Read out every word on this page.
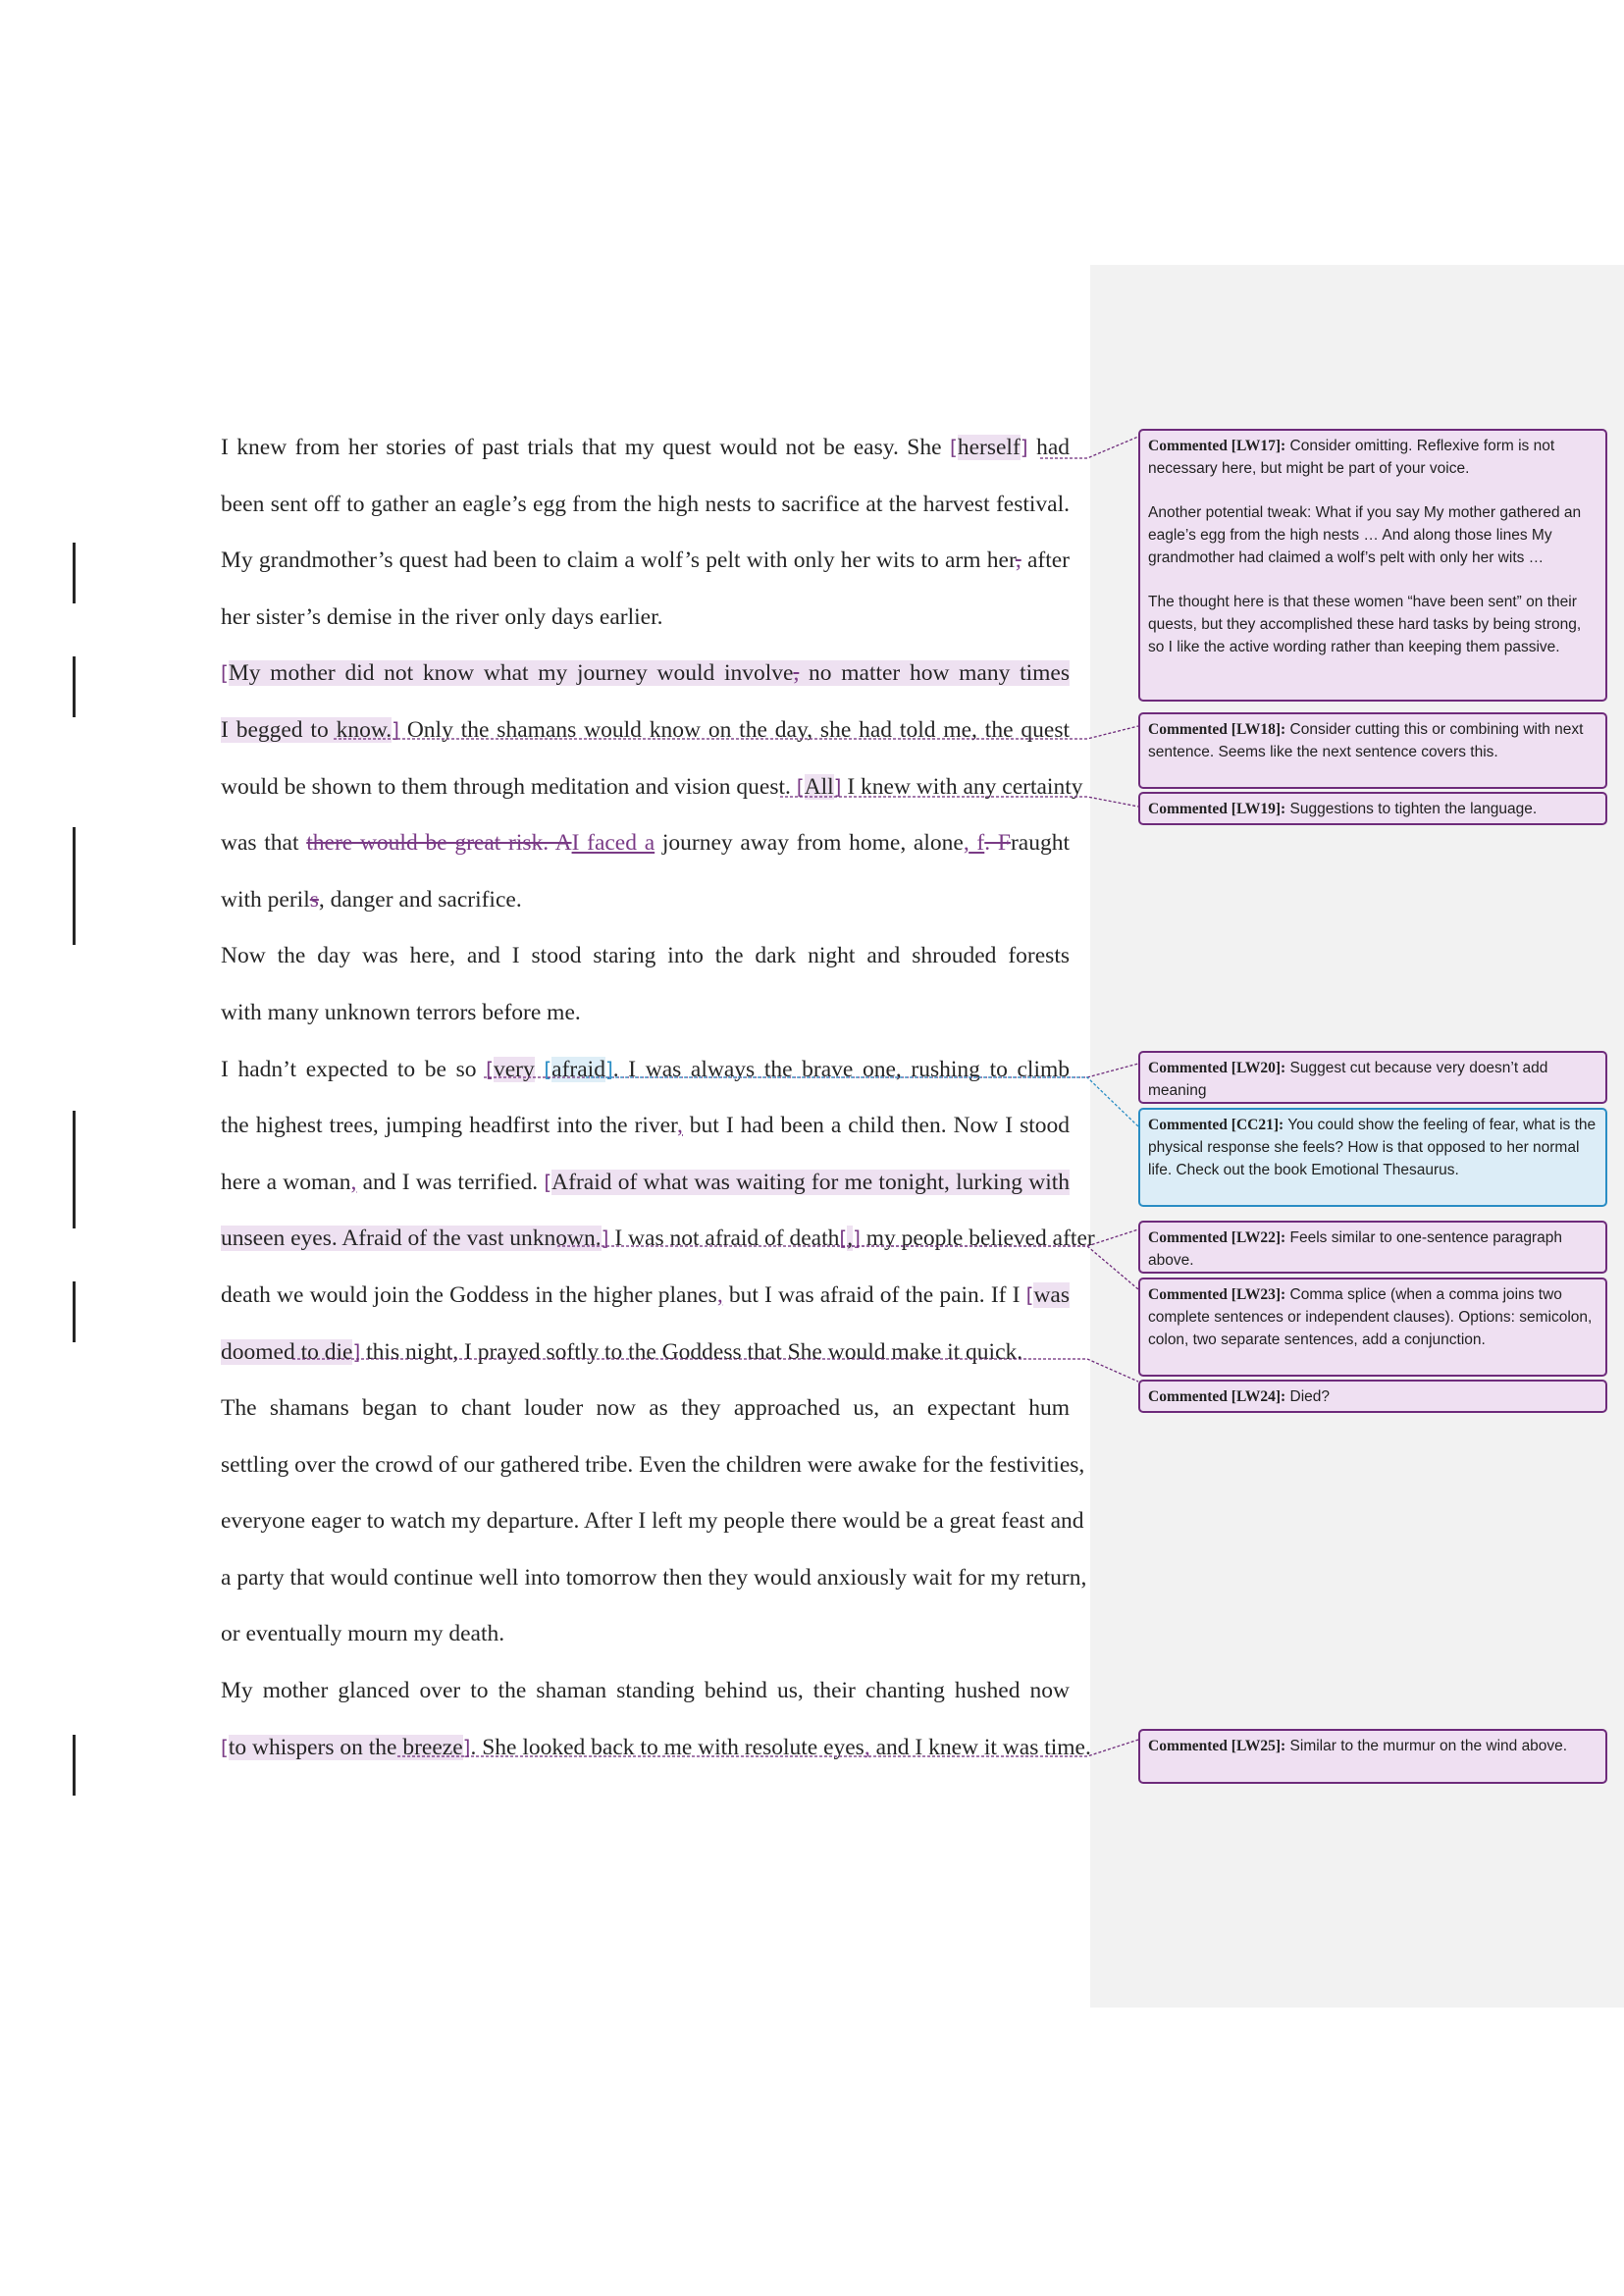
I knew from her stories of past trials that my quest would not be easy. She [herself] had
been sent off to gather an eagle’s egg from the high nests to sacrifice at the harvest festival.
My grandmother’s quest had been to claim a wolf’s pelt with only her wits to arm her, after
her sister’s demise in the river only days earlier.

[My mother did not know what my journey would involve, no matter how many times
I begged to know.] Only the shamans would know on the day, she had told me, the quest
would be shown to them through meditation and vision quest. [All] I knew with any certainty
was that there would be great risk. AI faced a journey away from home, alone, f. Fraught
with perils, danger and sacrifice.

Now the day was here, and I stood staring into the dark night and shrouded forests
with many unknown terrors before me.

I hadn’t expected to be so [very [afraid]. I was always the brave one, rushing to climb
the highest trees, jumping headfirst into the river, but I had been a child then. Now I stood
here a woman, and I was terrified. [Afraid of what was waiting for me tonight, lurking with
unseen eyes. Afraid of the vast unknown.] I was not afraid of death[,] my people believed after
death we would join the Goddess in the higher planes, but I was afraid of the pain. If I [was
doomed to die] this night, I prayed softly to the Goddess that She would make it quick.

The shamans began to chant louder now as they approached us, an expectant hum
settling over the crowd of our gathered tribe. Even the children were awake for the festivities,
everyone eager to watch my departure. After I left my people there would be a great feast and
a party that would continue well into tomorrow then they would anxiously wait for my return,
or eventually mourn my death.

My mother glanced over to the shaman standing behind us, their chanting hushed now
[to whispers on the breeze]. She looked back to me with resolute eyes, and I knew it was time.

Commented [LW17]: Consider omitting. Reflexive form is not necessary here, but might be part of your voice.

Another potential tweak: What if you say My mother gathered an eagle’s egg from the high nests … And along those lines My grandmother had claimed a wolf’s pelt with only her wits …

The thought here is that these women “have been sent” on their quests, but they accomplished these hard tasks by being strong, so I like the active wording rather than keeping them passive.

Commented [LW18]: Consider cutting this or combining with next sentence. Seems like the next sentence covers this.

Commented [LW19]: Suggestions to tighten the language.

Commented [LW20]: Suggest cut because very doesn’t add meaning

Commented [CC21]: You could show the feeling of fear, what is the physical response she feels? How is that opposed to her normal life. Check out the book Emotional Thesaurus.

Commented [LW22]: Feels similar to one-sentence paragraph above.

Commented [LW23]: Comma splice (when a comma joins two complete sentences or independent clauses). Options: semicolon, colon, two separate sentences, add a conjunction.

Commented [LW24]: Died?

Commented [LW25]: Similar to the murmur on the wind above.
